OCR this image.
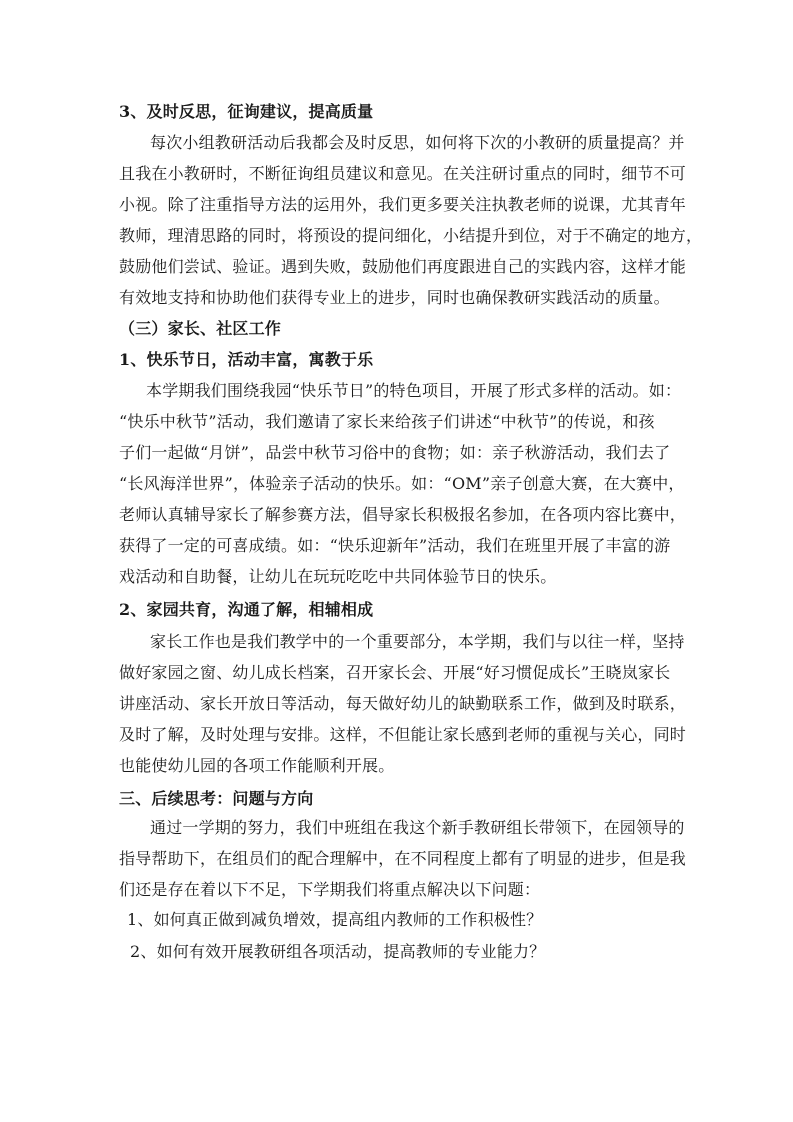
3、及时反思，征询建议，提高质量
每次小组教研活动后我都会及时反思，如何将下次的小教研的质量提高？并
且我在小教研时，不断征询组员建议和意见。在关注研讨重点的同时，细节不可
小视。除了注重指导方法的运用外，我们更多要关注执教老师的说课，尤其青年
教师，理清思路的同时，将预设的提问细化，小结提升到位，对于不确定的地方，
鼓励他们尝试、验证。遇到失败，鼓励他们再度跟进自己的实践内容，这样才能
有效地支持和协助他们获得专业上的进步，同时也确保教研实践活动的质量。
（三）家长、社区工作
1、快乐节日，活动丰富，寓教于乐
本学期我们围绕我园“快乐节日”的特色项目，开展了形式多样的活动。如：
“快乐中秋节”活动，我们邀请了家长来给孩子们讲述“中秋节”的传说，和孩
子们一起做“月饼”，品尝中秋节习俗中的食物；如：亲子秋游活动，我们去了
“长风海洋世界”，体验亲子活动的快乐。如：“OM”亲子创意大赛，在大赛中，
老师认真辅导家长了解参赛方法，倡导家长积极报名参加，在各项内容比赛中，
获得了一定的可喜成绩。如：“快乐迎新年”活动，我们在班里开展了丰富的游
戏活动和自助餐，让幼儿在玩玩吃吃中共同体验节日的快乐。
2、家园共育，沟通了解，相辅相成
家长工作也是我们教学中的一个重要部分，本学期，我们与以往一样，坚持
做好家园之窗、幼儿成长档案，召开家长会、开展“好习惯促成长”王晓岚家长
讲座活动、家长开放日等活动，每天做好幼儿的缺勤联系工作，做到及时联系，
及时了解，及时处理与安排。这样，不但能让家长感到老师的重视与关心，同时
也能使幼儿园的各项工作能顺利开展。
三、后续思考：问题与方向
通过一学期的努力，我们中班组在我这个新手教研组长带领下，在园领导的
指导帮助下，在组员们的配合理解中，在不同程度上都有了明显的进步，但是我
们还是存在着以下不足，下学期我们将重点解决以下问题：
1、如何真正做到减负增效，提高组内教师的工作积极性？
2、如何有效开展教研组各项活动，提高教师的专业能力？
